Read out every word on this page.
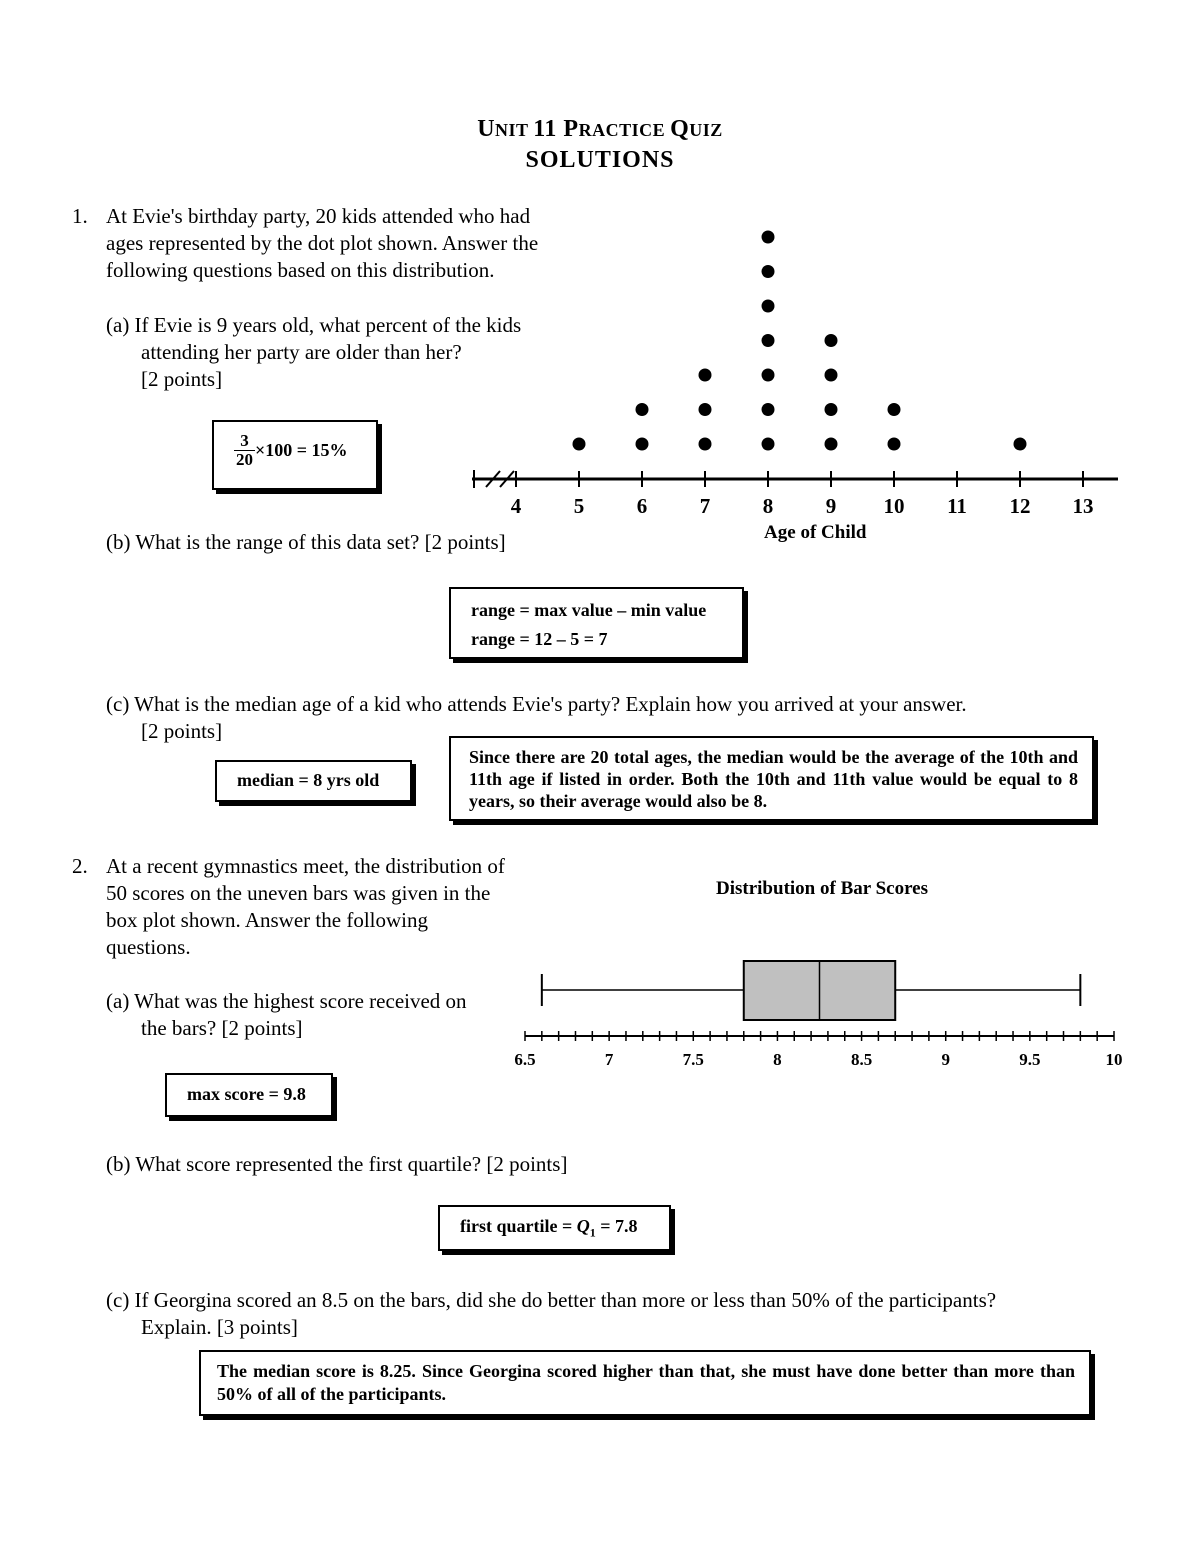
UNIT 11 PRACTICE QUIZ
SOLUTIONS
1. At Evie's birthday party, 20 kids attended who had
ages represented by the dot plot shown. Answer the
following questions based on this distribution.
(a) If Evie is 9 years old, what percent of the kids
attending her party are older than her?
[2 points]
$\frac{3}{20} \times 100 = 15\%$
4	5	6	7	8	9 10 11 12 13
Age of Child
(b) What is the range of this data set? [2 points]
range = max value – min value
range = 12 – 5 = 7
(c) What is the median age of a kid who attends Evie's party? Explain how you arrived at your answer.
[2 points]
median = 8 yrs old
Since there are 20 total ages, the median would be the average of the 10th and 11th age if listed in order. Both the 10th and 11th value would be equal to 8 years, so their average would also be 8.
2. At a recent gymnastics meet, the distribution of
50 scores on the uneven bars was given in the
box plot shown. Answer the following
questions.
Distribution of Bar Scores
6.5	7	7.5	8	8.5	9	9.5	10
(a) What was the highest score received on
the bars? [2 points]
max score = 9.8
(b) What score represented the first quartile? [2 points]
first quartile = $Q_1 = 7.8$
(c) If Georgina scored an 8.5 on the bars, did she do better than more or less than 50% of the participants?
Explain. [3 points]
The median score is 8.25. Since Georgina scored higher than that, she must have done better than more than 50% of all of the participants.
